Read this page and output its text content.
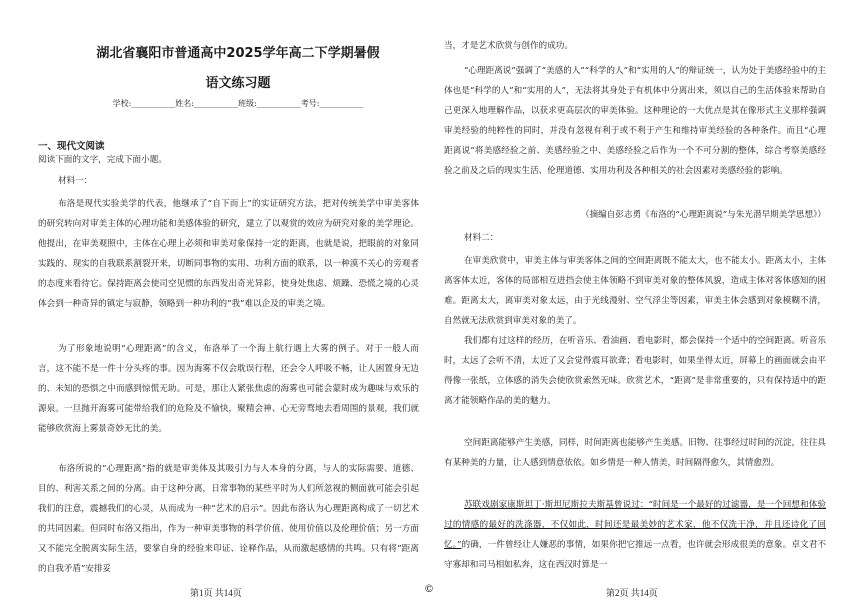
湖北省襄阳市普通高中2025学年高二下学期暑假
语文练习题
学校:___________姓名:___________班级:___________考号:___________
一、现代文阅读

阅读下面的文字，完成下面小题。

材料一：

布洛是现代实验美学的代表，他继承了“自下而上”的实证研究方法，把对传统美学中审美客体的研究转向对审美主体的心理功能和美感体验的研究，建立了以观赏的效应为研究对象的美学理论。他提出，在审美观照中，主体在心理上必须和审美对象保持一定的距离，也就是说，把眼前的对象同实践的、现实的自我联系割裂开来，切断同事物的实用、功利方面的联系，以一种漠不关心的旁观者的态度来看待它。保持距离会使司空见惯的东西发出奇光异彩，使身处焦虑、烦躁、恐慌之境的心灵体会到一种奇异的镇定与寂静，领略到一种功利的“我”难以企及的审美之境。

为了形象地说明“心理距离”的含义，布洛举了一个海上航行遇上大雾的例子。对于一般人而言，这不能不是一件十分头疼的事。因为海雾不仅会耽误行程，还会令人呼吸不畅，让人困置身无边的、未知的恐惧之中而感到惊慌无助。可是，那让人紧张焦虑的海雾也可能会蒙时成为趣味与欢乐的源泉。一旦抛开海雾可能带给我们的危险及不愉快，聚精会神、心无旁骛地去看周围的景观，我们就能够欣赏海上雾景奇妙无比的美。

布洛所说的“心理距离”指的就是审美体及其吸引力与人本身的分离，与人的实际需要、道德、目的、利害关系之间的分离。由于这种分离，日常事物的某些平时为人们所忽视的侧面就可能会引起我们的注意，震撼我们的心灵，从而成为一种“艺术的启示”。因此布洛认为心理距离构成了一切艺术的共同因素。但同时布洛又指出，作为一种审美事物的科学价值、使用价值以及伦理价值；另一方面又不能完全脱离实际生活，要掌自身的经验来印证、诠释作品，从而激起感情的共鸣。只有将“距离的自我矛盾”安排妥

当，才是艺术欣赏与创作的成功。

“心理距离说”强调了“美感的人”“科学的人”和“实用的人”的辩证统一，认为处于美感经验中的主体也是“科学的人”和“实用的人”，无法将其身处于有机体中分离出来，须以自己的生活体验来帮助自己更深入地理解作品，以获求更高层次的审美体验。这种理论的一大优点是其在像形式主义那样强调审美经验的纯粹性的同时，并没有忽视有利于或不利于产生和维持审美经验的各种条件。而且“心理距离说”将美感经验之前、美感经验之中、美感经验之后作为一个不可分割的整体，综合考察美感经验之前及之后的现实生活、伦理道德、实用功利及各种相关的社会因素对美感经验的影响。

（摘编自彭志勇《布洛的“心理距离说”与朱光潜早期美学思想》）

材料二：

在审美欣赏中，审美主体与审美客体之间的空间距离既不能太大，也不能太小。距离太小，主体离客体太近，客体的局部相互进挡会使主体领略不到审美对象的整体风貌，造成主体对客体感知的困难。距离太大，离审美对象太远，由于光线漫射、空气浮尘等因素，审美主体会感到对象模糊不清，自然就无法欣赏到审美对象的美了。

我们都有过这样的经历，在听音乐、看油画、看电影时，都会保持一个适中的空间距离。听音乐时，太远了会听不清，太近了又会觉得震耳欲聋；看电影时，如果坐得太近，屏幕上的画面就会由平得像一张纸，立体感的消失会使欣赏索然无味。欣赏艺术，“距离”是非常重要的，只有保持适中的距离才能领略作品的美的魅力。

空间距离能够产生美感，同样，时间距离也能够产生美感。旧物、往事经过时间的沉淀，往往具有某种美的力量，让人感到情意依依。如乡情是一种人情美，时间隔得愈久，其情愈烈。

苏联戏剧家康斯坦丁·斯坦尼斯拉夫斯基曾说过：“时间是一个最好的过滤器，是一个回想和体验过的情感的最好的洗涤器，不仅如此，时间还是最美妙的艺术家，他不仅洗干净，并且还诗化了回忆。”的确，一件曾经让人嫌恶的事情，如果你把它推远一点看，也许就会形成很美的意象。卓文君不守寡却和司马相如私奔，这在西汉时算是一

第1页 共14页	©	第2页 共14页
